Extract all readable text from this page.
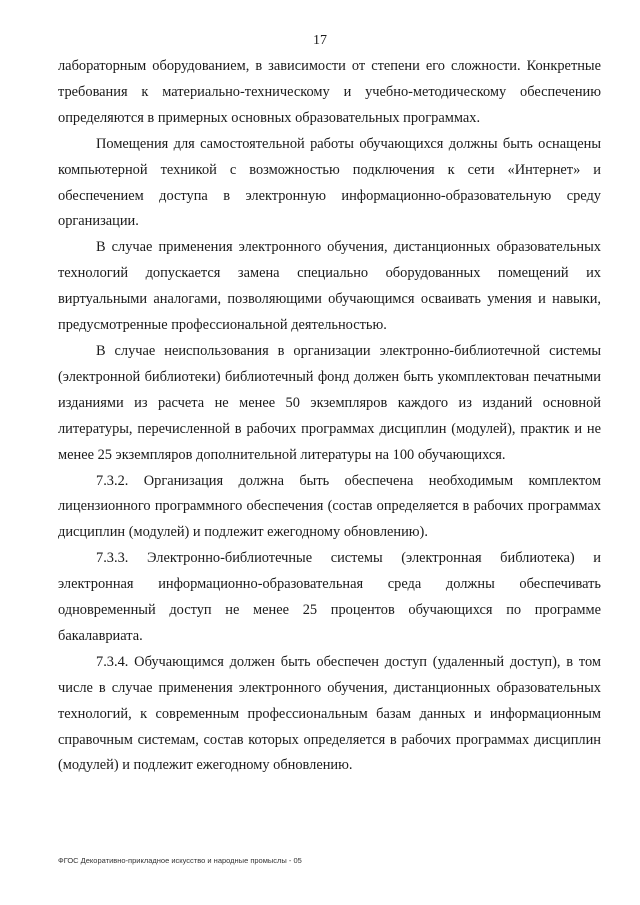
17

лабораторным оборудованием, в зависимости от степени его сложности. Конкретные требования к материально-техническому и учебно-методическому обеспечению определяются в примерных основных образовательных программах.

Помещения для самостоятельной работы обучающихся должны быть оснащены компьютерной техникой с возможностью подключения к сети «Интернет» и обеспечением доступа в электронную информационно-образовательную среду организации.

В случае применения электронного обучения, дистанционных образовательных технологий допускается замена специально оборудованных помещений их виртуальными аналогами, позволяющими обучающимся осваивать умения и навыки, предусмотренные профессиональной деятельностью.

В случае неиспользования в организации электронно-библиотечной системы (электронной библиотеки) библиотечный фонд должен быть укомплектован печатными изданиями из расчета не менее 50 экземпляров каждого из изданий основной литературы, перечисленной в рабочих программах дисциплин (модулей), практик и не менее 25 экземпляров дополнительной литературы на 100 обучающихся.

7.3.2. Организация должна быть обеспечена необходимым комплектом лицензионного программного обеспечения (состав определяется в рабочих программах дисциплин (модулей) и подлежит ежегодному обновлению).

7.3.3. Электронно-библиотечные системы (электронная библиотека) и электронная информационно-образовательная среда должны обеспечивать одновременный доступ не менее 25 процентов обучающихся по программе бакалавриата.

7.3.4. Обучающимся должен быть обеспечен доступ (удаленный доступ), в том числе в случае применения электронного обучения, дистанционных образовательных технологий, к современным профессиональным базам данных и информационным справочным системам, состав которых определяется в рабочих программах дисциплин (модулей) и подлежит ежегодному обновлению.

ФГОС Декоративно-прикладное искусство и народные промыслы - 05
